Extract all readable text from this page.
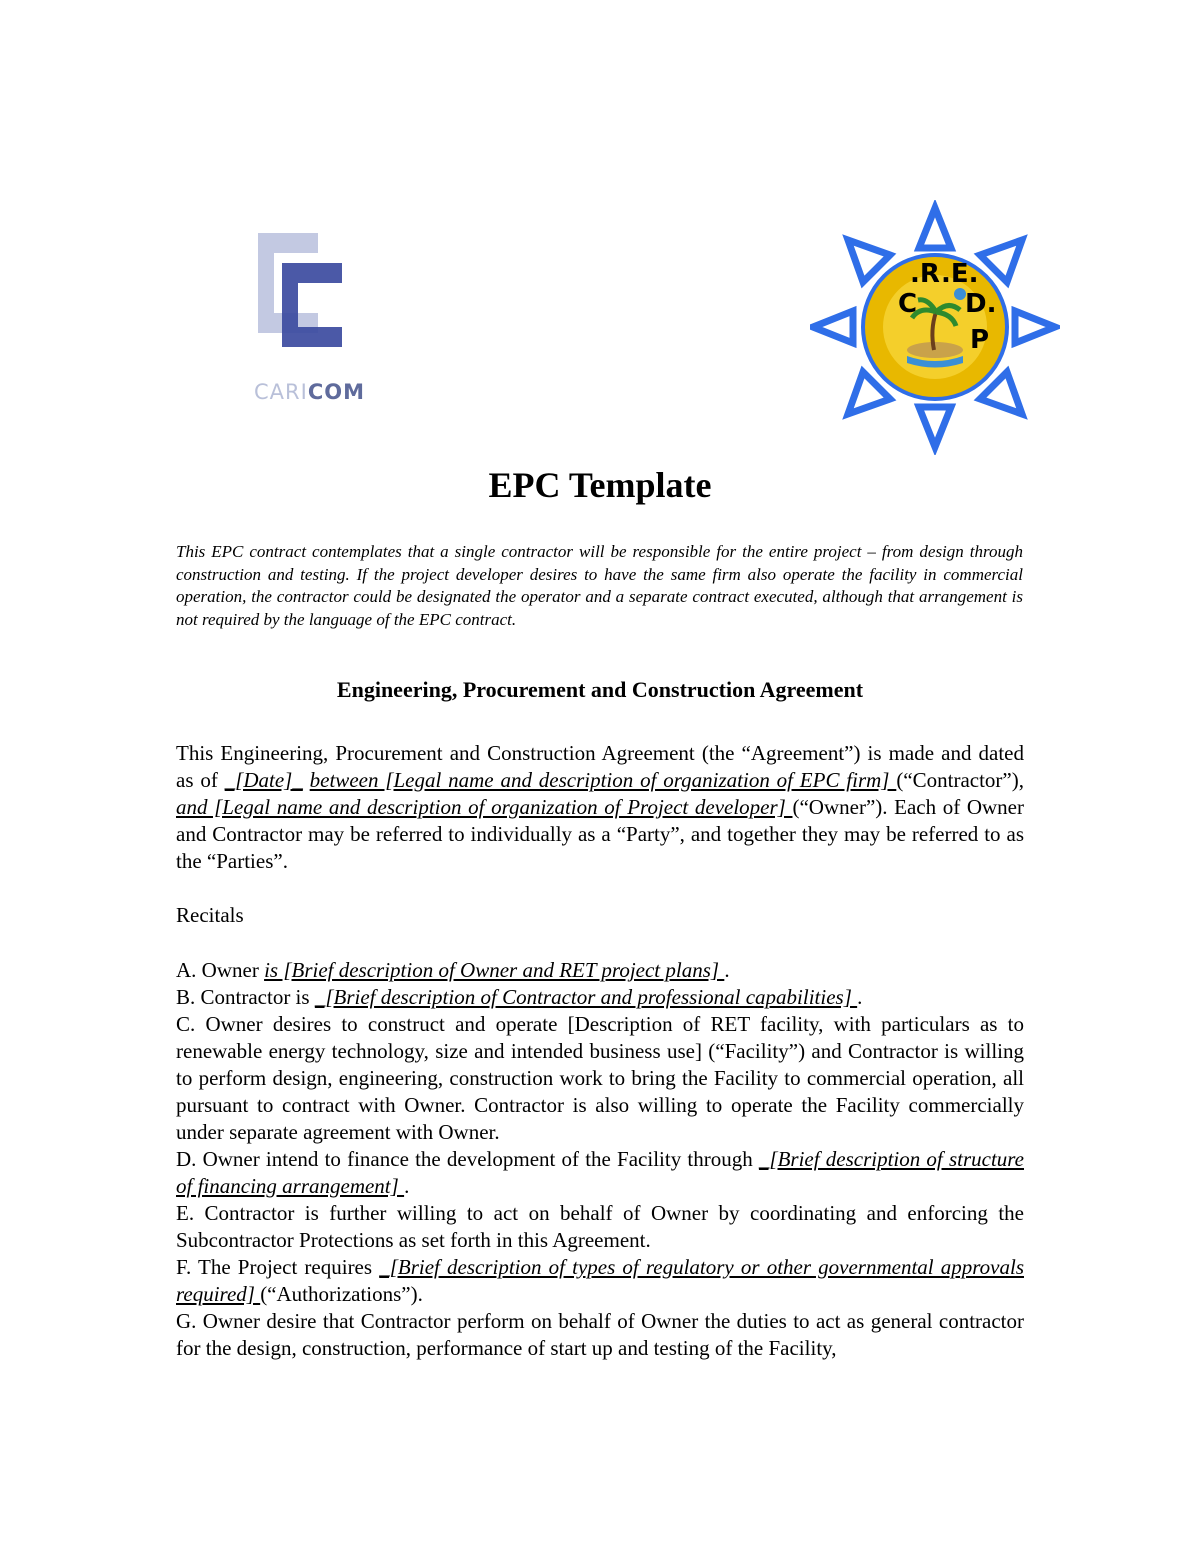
CARICOM
C
.R .E.
D.
P
EPC Template
This EPC contract contemplates that a single contractor will be responsible for the entire project – from design through construction and testing. If the project developer desires to have the same firm also operate the facility in commercial operation, the contractor could be designated the operator and a separate contract executed, although that arrangement is not required by the language of the EPC contract.
Engineering, Procurement and Construction Agreement
This Engineering, Procurement and Construction Agreement (the “Agreement”) is made and dated as of _[Date]_ between [Legal name and description of organization of EPC firm] (“Contractor”), and [Legal name and description of organization of Project developer] (“Owner”). Each of Owner and Contractor may be referred to individually as a “Party”, and together they may be referred to as the “Parties”.
Recitals

A. Owner is [Brief description of Owner and RET project plans] .

B. Contractor is _[Brief description of Contractor and professional capabilities] .

C. Owner desires to construct and operate [Description of RET facility, with particulars as to renewable energy technology, size and intended business use] (“Facility”) and Contractor is willing to perform design, engineering, construction work to bring the Facility to commercial operation, all pursuant to contract with Owner. Contractor is also willing to operate the Facility commercially under separate agreement with Owner.

D. Owner intend to finance the development of the Facility through _[Brief description of structure of financing arrangement] .

E. Contractor is further willing to act on behalf of Owner by coordinating and enforcing the Subcontractor Protections as set forth in this Agreement.

F. The Project requires _[Brief description of types of regulatory or other governmental approvals required] (“Authorizations”).

G. Owner desire that Contractor perform on behalf of Owner the duties to act as general contractor for the design, construction, performance of start up and testing of the Facility,
